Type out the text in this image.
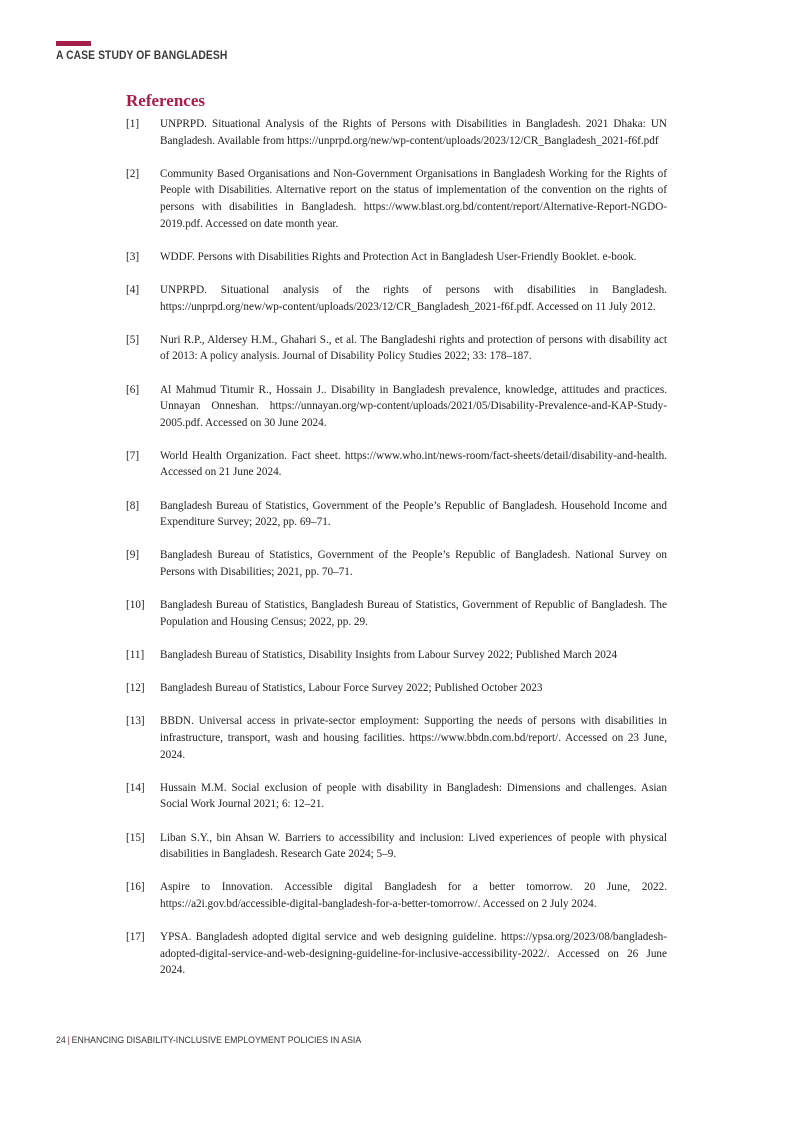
A CASE STUDY OF BANGLADESH
References
[1]	UNPRPD. Situational Analysis of the Rights of Persons with Disabilities in Bangladesh. 2021 Dhaka: UN Bangladesh. Available from https://unprpd.org/new/wp-content/uploads/2023/12/CR_Bangladesh_2021-f6f.pdf
[2]	Community Based Organisations and Non-Government Organisations in Bangladesh Working for the Rights of People with Disabilities. Alternative report on the status of implementation of the convention on the rights of persons with disabilities in Bangladesh. https://www.blast.org.bd/content/report/Alternative-Report-NGDO-2019.pdf. Accessed on date month year.
[3]	WDDF. Persons with Disabilities Rights and Protection Act in Bangladesh User-Friendly Booklet. e-book.
[4]	UNPRPD. Situational analysis of the rights of persons with disabilities in Bangladesh. https://unprpd.org/new/wp-content/uploads/2023/12/CR_Bangladesh_2021-f6f.pdf. Accessed on 11 July 2012.
[5]	Nuri R.P., Aldersey H.M., Ghahari S., et al. The Bangladeshi rights and protection of persons with disability act of 2013: A policy analysis. Journal of Disability Policy Studies 2022; 33: 178–187.
[6]	Al Mahmud Titumir R., Hossain J.. Disability in Bangladesh prevalence, knowledge, attitudes and practices. Unnayan Onneshan. https://unnayan.org/wp-content/uploads/2021/05/Disability-Prevalence-and-KAP-Study-2005.pdf. Accessed on 30 June 2024.
[7]	World Health Organization. Fact sheet. https://www.who.int/news-room/fact-sheets/detail/disability-and-health. Accessed on 21 June 2024.
[8]	Bangladesh Bureau of Statistics, Government of the People’s Republic of Bangladesh. Household Income and Expenditure Survey; 2022, pp. 69–71.
[9]	Bangladesh Bureau of Statistics, Government of the People’s Republic of Bangladesh. National Survey on Persons with Disabilities; 2021, pp. 70–71.
[10]	Bangladesh Bureau of Statistics, Bangladesh Bureau of Statistics, Government of Republic of Bangladesh. The Population and Housing Census; 2022, pp. 29.
[11]	Bangladesh Bureau of Statistics, Disability Insights from Labour Survey 2022; Published March 2024
[12]	Bangladesh Bureau of Statistics, Labour Force Survey 2022; Published October 2023
[13]	BBDN. Universal access in private-sector employment: Supporting the needs of persons with disabilities in infrastructure, transport, wash and housing facilities. https://www.bbdn.com.bd/report/. Accessed on 23 June, 2024.
[14]	Hussain M.M. Social exclusion of people with disability in Bangladesh: Dimensions and challenges. Asian Social Work Journal 2021; 6: 12–21.
[15]	Liban S.Y., bin Ahsan W. Barriers to accessibility and inclusion: Lived experiences of people with physical disabilities in Bangladesh. Research Gate 2024; 5–9.
[16]	Aspire to Innovation. Accessible digital Bangladesh for a better tomorrow. 20 June, 2022. https://a2i.gov.bd/accessible-digital-bangladesh-for-a-better-tomorrow/. Accessed on 2 July 2024.
[17]	YPSA. Bangladesh adopted digital service and web designing guideline. https://ypsa.org/2023/08/bangladesh-adopted-digital-service-and-web-designing-guideline-for-inclusive-accessibility-2022/. Accessed on 26 June 2024.
24 | ENHANCING DISABILITY-INCLUSIVE EMPLOYMENT POLICIES IN ASIA
